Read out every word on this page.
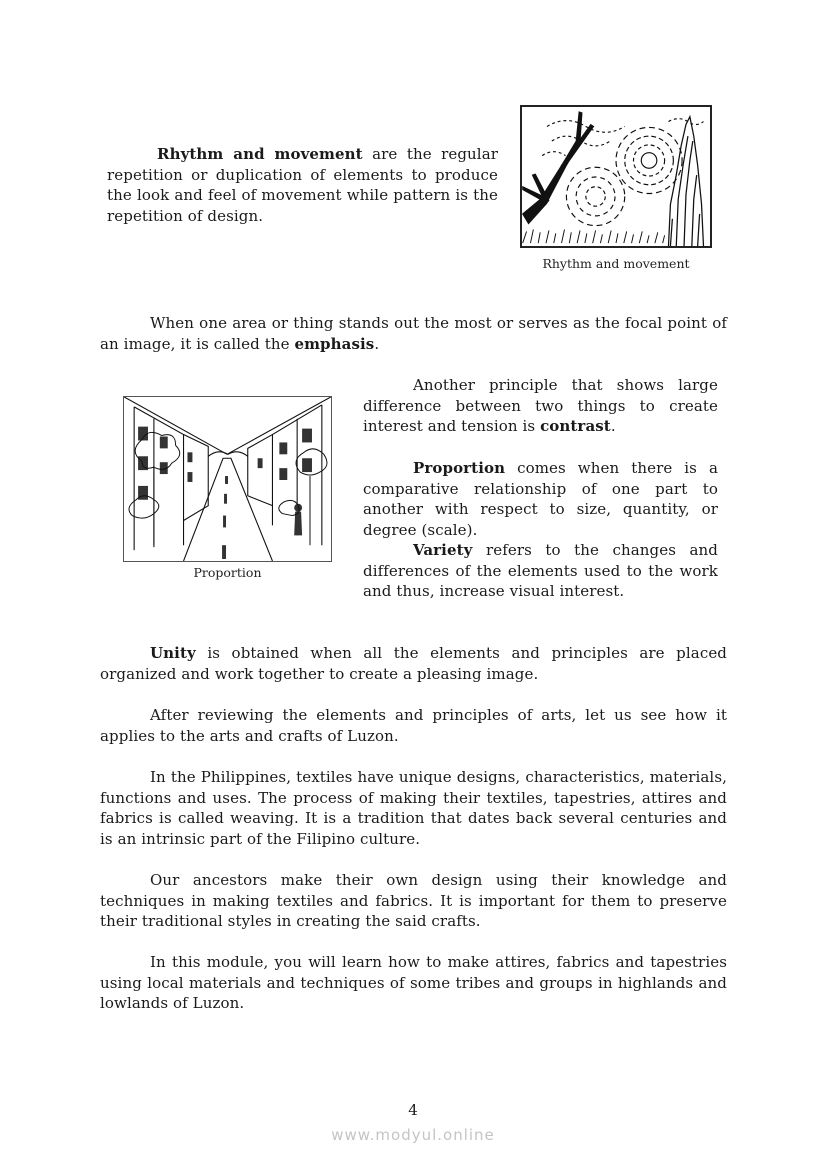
Rhythm and movement are the regular repetition or duplication of elements to produce the look and feel of movement while pattern is the repetition of design.

Rhythm and movement

When one area or thing stands out the most or serves as the focal point of an image, it is called the emphasis.

Proportion

Another principle that shows large difference between two things to create interest and tension is contrast.

Proportion comes when there is a comparative relationship of one part to another with respect to size, quantity, or degree (scale).

Variety refers to the changes and differences of the elements used to the work and thus, increase visual interest.

Unity is obtained when all the elements and principles are placed organized and work together to create a pleasing image.

After reviewing the elements and principles of arts, let us see how it applies to the arts and crafts of Luzon.

In the Philippines, textiles have unique designs, characteristics, materials, functions and uses. The process of making their textiles, tapestries, attires and fabrics is called weaving. It is a tradition that dates back several centuries and is an intrinsic part of the Filipino culture.

Our ancestors make their own design using their knowledge and techniques in making textiles and fabrics. It is important for them to preserve their traditional styles in creating the said crafts.

In this module, you will learn how to make attires, fabrics and tapestries using local materials and techniques of some tribes and groups in highlands and lowlands of Luzon.

4
www.modyul.online
